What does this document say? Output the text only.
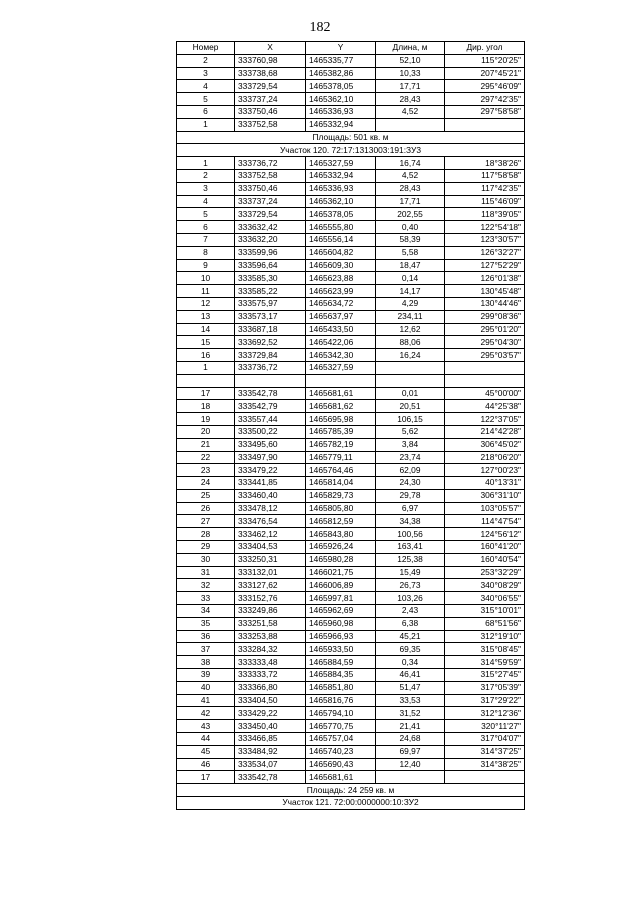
182
Номер	X	Y	Длина, м	Дир. угол
2	333760,98	1465335,77	52,10	115°20'25"
3	333738,68	1465382,86	10,33	207°45'21"
4	333729,54	1465378,05	17,71	295°46'09"
5	333737,24	1465362,10	28,43	297°42'35"
6	333750,46	1465336,93	4,52	297°58'58"
1	333752,58	1465332,94		
Площадь: 501 кв. м				
Участок 120. 72:17:1313003:191:ЗУ3				
1	333736,72	1465327,59	16,74	18°38'26"
2	333752,58	1465332,94	4,52	117°58'58"
3	333750,46	1465336,93	28,43	117°42'35"
4	333737,24	1465362,10	17,71	115°46'09"
5	333729,54	1465378,05	202,55	118°39'05"
6	333632,42	1465555,80	0,40	122°54'18"
7	333632,20	1465556,14	58,39	123°30'57"
8	333599,96	1465604,82	5,58	126°32'27"
9	333596,64	1465609,30	18,47	127°52'29"
10	333585,30	1465623,88	0,14	126°01'38"
11	333585,22	1465623,99	14,17	130°45'48"
12	333575,97	1465634,72	4,29	130°44'46"
13	333573,17	1465637,97	234,11	299°08'36"
14	333687,18	1465433,50	12,62	295°01'20"
15	333692,52	1465422,06	88,06	295°04'30"
16	333729,84	1465342,30	16,24	295°03'57"
1	333736,72	1465327,59		

17	333542,78	1465681,61	0,01	45°00'00"
18	333542,79	1465681,62	20,51	44°25'38"
19	333557,44	1465695,98	106,15	122°37'05"
20	333500,22	1465785,39	5,62	214°42'28"
21	333495,60	1465782,19	3,84	306°45'02"
22	333497,90	1465779,11	23,74	218°06'20"
23	333479,22	1465764,46	62,09	127°00'23"
24	333441,85	1465814,04	24,30	40°13'31"
25	333460,40	1465829,73	29,78	306°31'10"
26	333478,12	1465805,80	6,97	103°05'57"
27	333476,54	1465812,59	34,38	114°47'54"
28	333462,12	1465843,80	100,56	124°56'12"
29	333404,53	1465926,24	163,41	160°41'20"
30	333250,31	1465980,28	125,38	160°40'54"
31	333132,01	1466021,75	15,49	253°32'29"
32	333127,62	1466006,89	26,73	340°08'29"
33	333152,76	1465997,81	103,26	340°06'55"
34	333249,86	1465962,69	2,43	315°10'01"
35	333251,58	1465960,98	6,38	68°51'56"
36	333253,88	1465966,93	45,21	312°19'10"
37	333284,32	1465933,50	69,35	315°08'45"
38	333333,48	1465884,59	0,34	314°59'59"
39	333333,72	1465884,35	46,41	315°27'45"
40	333366,80	1465851,80	51,47	317°05'39"
41	333404,50	1465816,76	33,53	317°29'22"
42	333429,22	1465794,10	31,52	312°12'36"
43	333450,40	1465770,75	21,41	320°11'27"
44	333466,85	1465757,04	24,68	317°04'07"
45	333484,92	1465740,23	69,97	314°37'25"
46	333534,07	1465690,43	12,40	314°38'25"
17	333542,78	1465681,61		
Площадь: 24 259 кв. м				
Участок 121. 72:00:0000000:10:ЗУ2				
